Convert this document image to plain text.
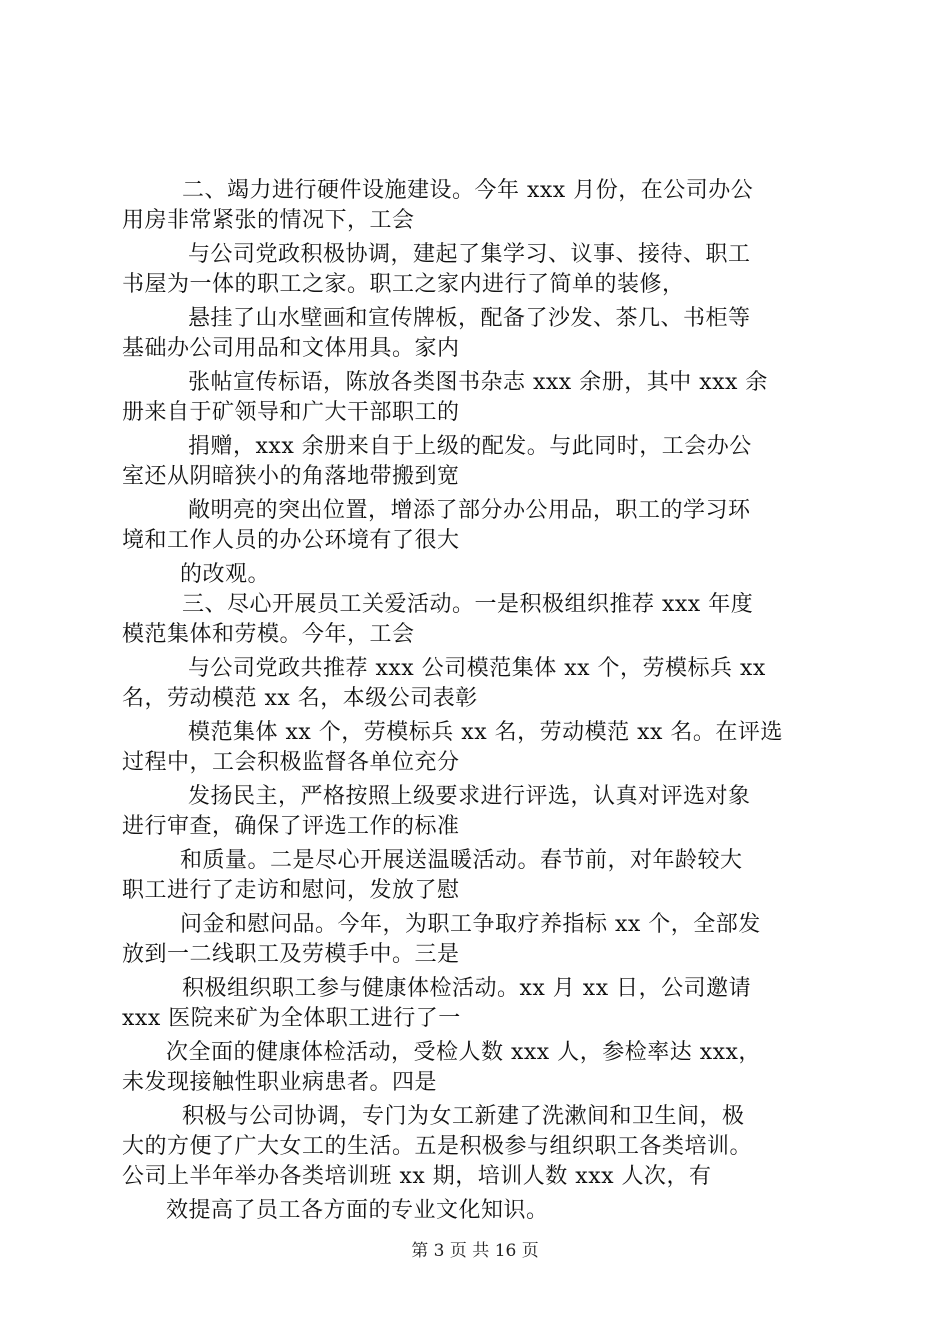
二、竭力进行硬件设施建设。今年 xxx 月份，在公司办公
用房非常紧张的情况下，工会
与公司党政积极协调，建起了集学习、议事、接待、职工
书屋为一体的职工之家。职工之家内进行了简单的装修，
悬挂了山水壁画和宣传牌板，配备了沙发、茶几、书柜等
基础办公司用品和文体用具。家内
张帖宣传标语，陈放各类图书杂志 xxx 余册，其中 xxx 余
册来自于矿领导和广大干部职工的
捐赠，xxx 余册来自于上级的配发。与此同时，工会办公
室还从阴暗狭小的角落地带搬到宽
敞明亮的突出位置，增添了部分办公用品，职工的学习环
境和工作人员的办公环境有了很大
的改观。
三、尽心开展员工关爱活动。一是积极组织推荐 xxx 年度
模范集体和劳模。今年，工会
与公司党政共推荐 xxx 公司模范集体 xx 个，劳模标兵 xx
名，劳动模范 xx 名，本级公司表彰
模范集体 xx 个，劳模标兵 xx 名，劳动模范 xx 名。在评选
过程中，工会积极监督各单位充分
发扬民主，严格按照上级要求进行评选，认真对评选对象
进行审查，确保了评选工作的标准
和质量。二是尽心开展送温暖活动。春节前，对年龄较大
职工进行了走访和慰问，发放了慰
问金和慰问品。今年，为职工争取疗养指标 xx 个，全部发
放到一二线职工及劳模手中。三是
积极组织职工参与健康体检活动。xx 月 xx 日，公司邀请
xxx 医院来矿为全体职工进行了一
次全面的健康体检活动，受检人数 xxx 人，参检率达 xxx，
未发现接触性职业病患者。四是
积极与公司协调，专门为女工新建了洗漱间和卫生间，极
大的方便了广大女工的生活。五是积极参与组织职工各类培训。
公司上半年举办各类培训班 xx 期，培训人数 xxx 人次，有
效提高了员工各方面的专业文化知识。
第 3 页 共 16 页
